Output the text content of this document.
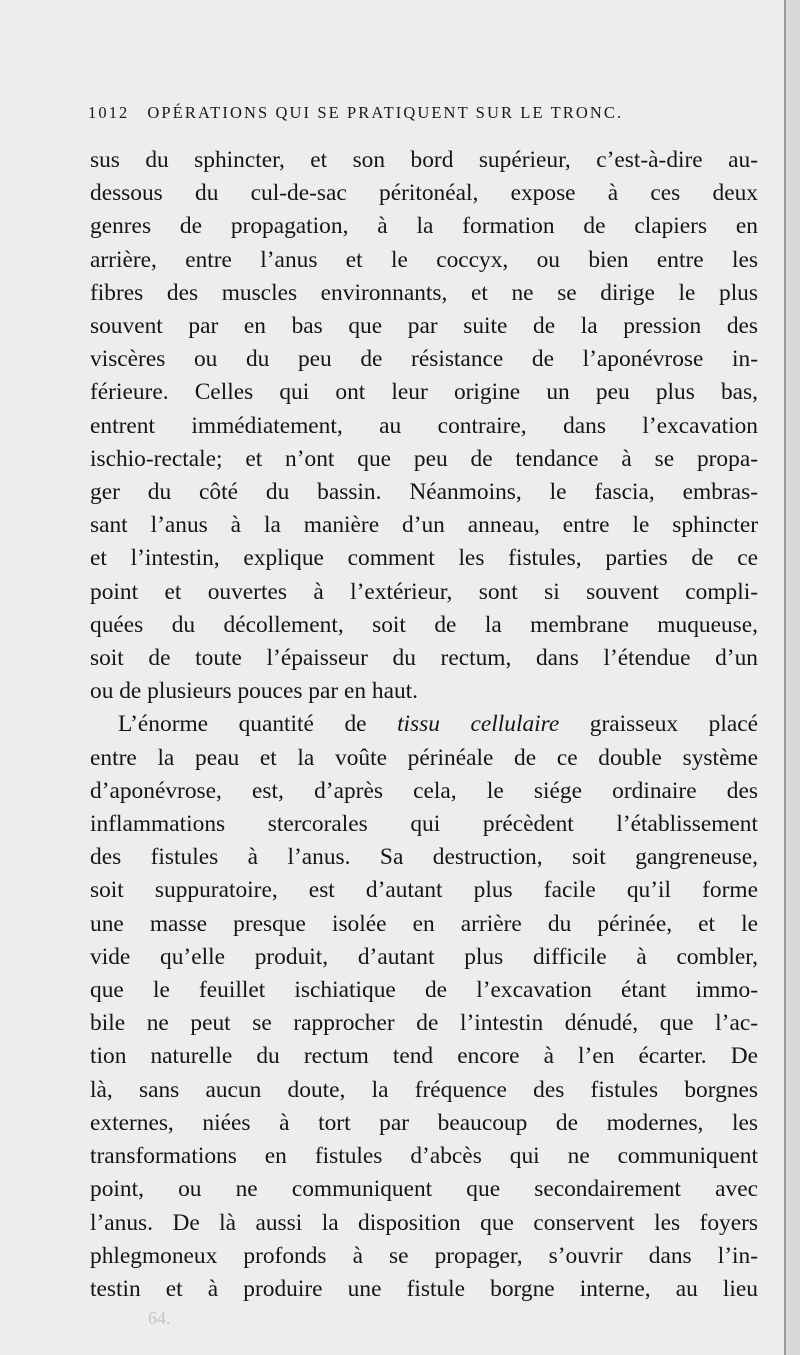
1012 OPÉRATIONS QUI SE PRATIQUENT SUR LE TRONC.
sus du sphincter, et son bord supérieur, c’est-à-dire au-
dessous du cul-de-sac péritonéal, expose à ces deux
genres de propagation, à la formation de clapiers en
arrière, entre l’anus et le coccyx, ou bien entre les
fibres des muscles environnants, et ne se dirige le plus
souvent par en bas que par suite de la pression des
viscères ou du peu de résistance de l’aponévrose in-
férieure. Celles qui ont leur origine un peu plus bas,
entrent immédiatement, au contraire, dans l’excavation
ischio-rectale; et n’ont que peu de tendance à se propa-
ger du côté du bassin. Néanmoins, le fascia, embras-
sant l’anus à la manière d’un anneau, entre le sphincter
et l’intestin, explique comment les fistules, parties de ce
point et ouvertes à l’extérieur, sont si souvent compli-
quées du décollement, soit de la membrane muqueuse,
soit de toute l’épaisseur du rectum, dans l’étendue d’un
ou de plusieurs pouces par en haut.
L’énorme quantité de tissu cellulaire graisseux placé
entre la peau et la voûte périnéale de ce double système
d’aponévrose, est, d’après cela, le siége ordinaire des
inflammations stercorales qui précèdent l’établissement
des fistules à l’anus. Sa destruction, soit gangreneuse,
soit suppuratoire, est d’autant plus facile qu’il forme
une masse presque isolée en arrière du périnée, et le
vide qu’elle produit, d’autant plus difficile à combler,
que le feuillet ischiatique de l’excavation étant immo-
bile ne peut se rapprocher de l’intestin dénudé, que l’ac-
tion naturelle du rectum tend encore à l’en écarter. De
là, sans aucun doute, la fréquence des fistules borgnes
externes, niées à tort par beaucoup de modernes, les
transformations en fistules d’abcès qui ne communiquent
point, ou ne communiquent que secondairement avec
l’anus. De là aussi la disposition que conservent les foyers
phlegmoneux profonds à se propager, s’ouvrir dans l’in-
testin et à produire une fistule borgne interne, au lieu
64.
